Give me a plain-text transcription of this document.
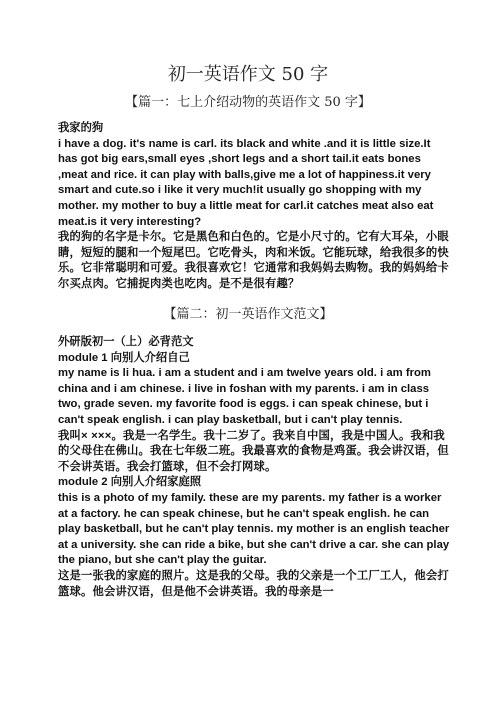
初一英语作文 50 字
【篇一：七上介绍动物的英语作文 50 字】

我家的狗

i have a dog. it's name is carl. its black and white .and it is little size.It has got big ears,small eyes ,short legs and a short tail.it eats bones ,meat and rice. it can play with balls,give me a lot of happiness.it very smart and cute.so i like it very much!it usually go shopping with my mother. my mother to buy a little meat for carl.it catches meat also eat meat.is it very interesting?

我的狗的名字是卡尔。它是黑色和白色的。它是小尺寸的。它有大耳朵，小眼睛，短短的腿和一个短尾巴。它吃骨头，肉和米饭。它能玩球，给我很多的快乐。它非常聪明和可爱。我很喜欢它！它通常和我妈妈去购物。我的妈妈给卡尔买点肉。它捕捉肉类也吃肉。是不是很有趣？

【篇二：初一英语作文范文】

外研版初一（上）必背范文

module 1 向别人介绍自己

my name is li hua. i am a student and i am twelve years old. i am from china and i am chinese. i live in foshan with my parents. i am in class two, grade seven. my favorite food is eggs. i can speak chinese, but i can't speak english. i can play basketball, but i can't play tennis.

我叫× ×××。我是一名学生。我十二岁了。我来自中国，我是中国人。我和我的父母住在佛山。我在七年级二班。我最喜欢的食物是鸡蛋。我会讲汉语，但不会讲英语。我会打篮球，但不会打网球。

module 2 向别人介绍家庭照

this is a photo of my family. these are my parents. my father is a worker at a factory. he can speak chinese, but he can't speak english. he can play basketball, but he can't play tennis. my mother is an english teacher at a university. she can ride a bike, but she can't drive a car. she can play the piano, but she can't play the guitar.

这是一张我的家庭的照片。这是我的父母。我的父亲是一个工厂工人，他会打篮球。他会讲汉语，但是他不会讲英语。我的母亲是一
